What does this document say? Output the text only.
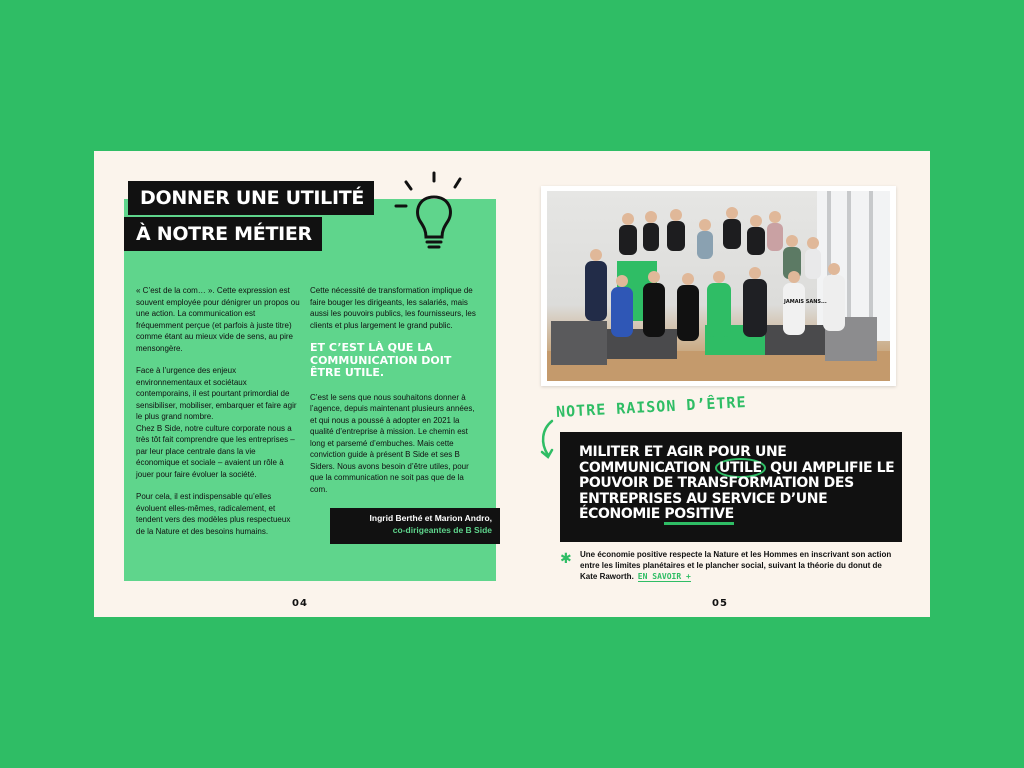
DONNER UNE UTILITÉ
À NOTRE MÉTIER

« C’est de la com… ». Cette expression est souvent employée pour dénigrer un propos ou une action. La communication est fréquemment perçue (et parfois à juste titre) comme étant au mieux vide de sens, au pire mensongère.

Face à l’urgence des enjeux environnementaux et sociétaux contemporains, il est pourtant primordial de sensibiliser, mobiliser, embarquer et faire agir le plus grand nombre.

Chez B Side, notre culture corporate nous a très tôt fait comprendre que les entreprises – par leur place centrale dans la vie économique et sociale – avaient un rôle à jouer pour faire évoluer la société.

Pour cela, il est indispensable qu’elles évoluent elles-mêmes, radicalement, et tendent vers des modèles plus respectueux de la Nature et des besoins humains.

Cette nécessité de transformation implique de faire bouger les dirigeants, les salariés, mais aussi les pouvoirs publics, les fournisseurs, les clients et plus largement le grand public.

ET C’EST LÀ QUE LA COMMUNICATION DOIT ÊTRE UTILE.

C’est le sens que nous souhaitons donner à l’agence, depuis maintenant plusieurs années, et qui nous a poussé à adopter en 2021 la qualité d’entreprise à mission. Le chemin est long et parsemé d’embuches. Mais cette conviction guide à présent B Side et ses B Siders. Nous avons besoin d’être utiles, pour que la communication ne soit pas que de la com.

Ingrid Berthé et Marion Andro,
co-dirigeantes de B Side
04
JAMAIS SANS...
NOTRE RAISON D’ÊTRE
MILITER ET AGIR POUR UNE COMMUNICATION UTILE QUI AMPLIFIE LE POUVOIR DE TRANSFORMATION DES ENTREPRISES AU SERVICE D’UNE ÉCONOMIE POSITIVE
✱ Une économie positive respecte la Nature et les Hommes en inscrivant son action entre les limites planétaires et le plancher social, suivant la théorie du donut de Kate Raworth. EN SAVOIR +
05
